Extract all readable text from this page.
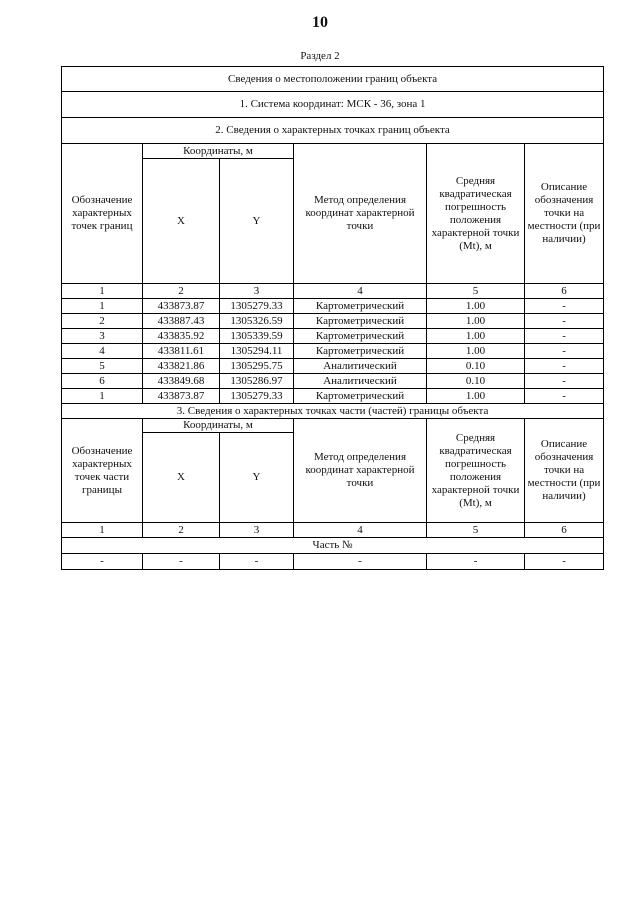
10
Раздел 2
Сведения о местоположении границ объекта					
1. Система координат: МСК - 36, зона 1					
2. Сведения о характерных точках границ объекта					
Обозначение характерных точек границ	Координаты, м		Метод определения координат характерной точки	Средняя квадратическая погрешность положения характерной точки (Mt), м	Описание обозначения точки на местности (при наличии)
	X	Y			
1	2	3	4	5	6
1	433873.87	1305279.33	Картометрический	1.00	-
2	433887.43	1305326.59	Картометрический	1.00	-
3	433835.92	1305339.59	Картометрический	1.00	-
4	433811.61	1305294.11	Картометрический	1.00	-
5	433821.86	1305295.75	Аналитический	0.10	-
6	433849.68	1305286.97	Аналитический	0.10	-
1	433873.87	1305279.33	Картометрический	1.00	-
3. Сведения о характерных точках части (частей) границы объекта					
Обозначение характерных точек части границы	Координаты, м		Метод определения координат характерной точки	Средняя квадратическая погрешность положения характерной точки (Mt), м	Описание обозначения точки на местности (при наличии)
	X	Y			
1	2	3	4	5	6
Часть №					
-	-	-	-	-	-
